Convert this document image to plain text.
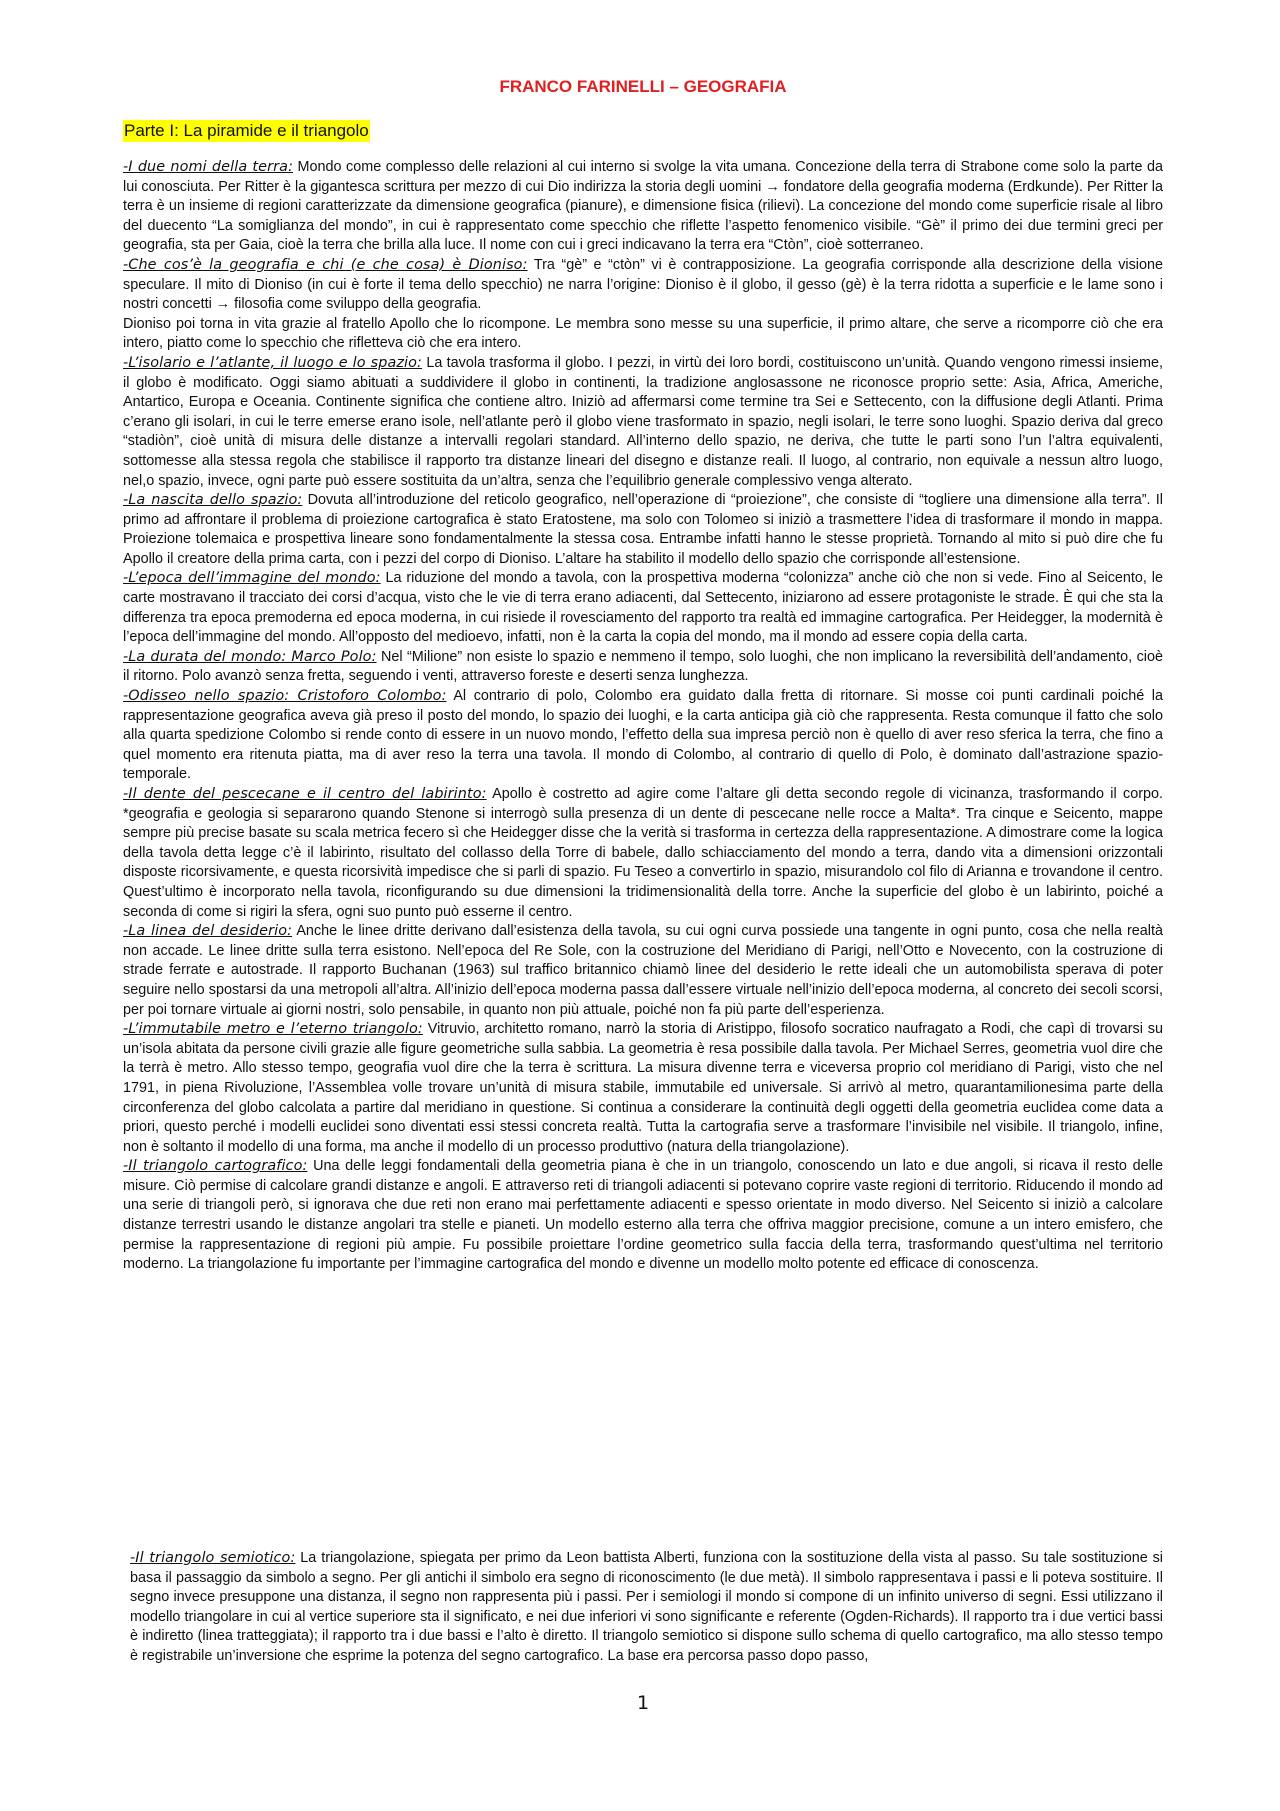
FRANCO FARINELLI – GEOGRAFIA
Parte I: La piramide e il triangolo

-I due nomi della terra: Mondo come complesso delle relazioni al cui interno si svolge la vita umana. Concezione della terra di Strabone come solo la parte da lui conosciuta. Per Ritter è la gigantesca scrittura per mezzo di cui Dio indirizza la storia degli uomini → fondatore della geografia moderna (Erdkunde). Per Ritter la terra è un insieme di regioni caratterizzate da dimensione geografica (pianure), e dimensione fisica (rilievi). La concezione del mondo come superficie risale al libro del duecento “La somiglianza del mondo”, in cui è rappresentato come specchio che riflette l’aspetto fenomenico visibile. “Gè” il primo dei due termini greci per geografia, sta per Gaia, cioè la terra che brilla alla luce. Il nome con cui i greci indicavano la terra era “Ctòn”, cioè sotterraneo.

-Che cos’è la geografia e chi (e che cosa) è Dioniso: Tra “gè” e “ctòn” vi è contrapposizione. La geografia corrisponde alla descrizione della visione speculare. Il mito di Dioniso (in cui è forte il tema dello specchio) ne narra l’origine: Dioniso è il globo, il gesso (gè) è la terra ridotta a superficie e le lame sono i nostri concetti → filosofia come sviluppo della geografia.

Dioniso poi torna in vita grazie al fratello Apollo che lo ricompone. Le membra sono messe su una superficie, il primo altare, che serve a ricomporre ciò che era intero, piatto come lo specchio che rifletteva ciò che era intero.

-L’isolario e l’atlante, il luogo e lo spazio: La tavola trasforma il globo. I pezzi, in virtù dei loro bordi, costituiscono un’unità. Quando vengono rimessi insieme, il globo è modificato. Oggi siamo abituati a suddividere il globo in continenti, la tradizione anglosassone ne riconosce proprio sette: Asia, Africa, Americhe, Antartico, Europa e Oceania. Continente significa che contiene altro. Iniziò ad affermarsi come termine tra Sei e Settecento, con la diffusione degli Atlanti. Prima c’erano gli isolari, in cui le terre emerse erano isole, nell’atlante però il globo viene trasformato in spazio, negli isolari, le terre sono luoghi. Spazio deriva dal greco “stadiòn”, cioè unità di misura delle distanze a intervalli regolari standard. All’interno dello spazio, ne deriva, che tutte le parti sono l’un l’altra equivalenti, sottomesse alla stessa regola che stabilisce il rapporto tra distanze lineari del disegno e distanze reali. Il luogo, al contrario, non equivale a nessun altro luogo, nel,o spazio, invece, ogni parte può essere sostituita da un’altra, senza che l’equilibrio generale complessivo venga alterato.

-La nascita dello spazio: Dovuta all’introduzione del reticolo geografico, nell’operazione di “proiezione”, che consiste di “togliere una dimensione alla terra”. Il primo ad affrontare il problema di proiezione cartografica è stato Eratostene, ma solo con Tolomeo si iniziò a trasmettere l’idea di trasformare il mondo in mappa. Proiezione tolemaica e prospettiva lineare sono fondamentalmente la stessa cosa. Entrambe infatti hanno le stesse proprietà. Tornando al mito si può dire che fu Apollo il creatore della prima carta, con i pezzi del corpo di Dioniso. L’altare ha stabilito il modello dello spazio che corrisponde all’estensione.

-L’epoca dell’immagine del mondo: La riduzione del mondo a tavola, con la prospettiva moderna “colonizza” anche ciò che non si vede. Fino al Seicento, le carte mostravano il tracciato dei corsi d’acqua, visto che le vie di terra erano adiacenti, dal Settecento, iniziarono ad essere protagoniste le strade. È qui che sta la differenza tra epoca premoderna ed epoca moderna, in cui risiede il rovesciamento del rapporto tra realtà ed immagine cartografica. Per Heidegger, la modernità è l’epoca dell’immagine del mondo. All’opposto del medioevo, infatti, non è la carta la copia del mondo, ma il mondo ad essere copia della carta.

-La durata del mondo: Marco Polo: Nel “Milione” non esiste lo spazio e nemmeno il tempo, solo luoghi, che non implicano la reversibilità dell’andamento, cioè il ritorno. Polo avanzò senza fretta, seguendo i venti, attraverso foreste e deserti senza lunghezza.

-Odisseo nello spazio: Cristoforo Colombo: Al contrario di polo, Colombo era guidato dalla fretta di ritornare. Si mosse coi punti cardinali poiché la rappresentazione geografica aveva già preso il posto del mondo, lo spazio dei luoghi, e la carta anticipa già ciò che rappresenta. Resta comunque il fatto che solo alla quarta spedizione Colombo si rende conto di essere in un nuovo mondo, l’effetto della sua impresa perciò non è quello di aver reso sferica la terra, che fino a quel momento era ritenuta piatta, ma di aver reso la terra una tavola. Il mondo di Colombo, al contrario di quello di Polo, è dominato dall’astrazione spazio-temporale.

-Il dente del pescecane e il centro del labirinto: Apollo è costretto ad agire come l’altare gli detta secondo regole di vicinanza, trasformando il corpo. *geografia e geologia si separarono quando Stenone si interrogò sulla presenza di un dente di pescecane nelle rocce a Malta*. Tra cinque e Seicento, mappe sempre più precise basate su scala metrica fecero sì che Heidegger disse che la verità si trasforma in certezza della rappresentazione. A dimostrare come la logica della tavola detta legge c’è il labirinto, risultato del collasso della Torre di babele, dallo schiacciamento del mondo a terra, dando vita a dimensioni orizzontali disposte ricorsivamente, e questa ricorsività impedisce che si parli di spazio. Fu Teseo a convertirlo in spazio, misurandolo col filo di Arianna e trovandone il centro. Quest’ultimo è incorporato nella tavola, riconfigurando su due dimensioni la tridimensionalità della torre. Anche la superficie del globo è un labirinto, poiché a seconda di come si rigiri la sfera, ogni suo punto può esserne il centro.

-La linea del desiderio: Anche le linee dritte derivano dall’esistenza della tavola, su cui ogni curva possiede una tangente in ogni punto, cosa che nella realtà non accade. Le linee dritte sulla terra esistono. Nell’epoca del Re Sole, con la costruzione del Meridiano di Parigi, nell’Otto e Novecento, con la costruzione di strade ferrate e autostrade. Il rapporto Buchanan (1963) sul traffico britannico chiamò linee del desiderio le rette ideali che un automobilista sperava di poter seguire nello spostarsi da una metropoli all’altra. All’inizio dell’epoca moderna passa dall’essere virtuale nell’inizio dell’epoca moderna, al concreto dei secoli scorsi, per poi tornare virtuale ai giorni nostri, solo pensabile, in quanto non più attuale, poiché non fa più parte dell’esperienza.

-L’immutabile metro e l’eterno triangolo: Vitruvio, architetto romano, narrò la storia di Aristippo, filosofo socratico naufragato a Rodi, che capì di trovarsi su un’isola abitata da persone civili grazie alle figure geometriche sulla sabbia. La geometria è resa possibile dalla tavola. Per Michael Serres, geometria vuol dire che la terrà è metro. Allo stesso tempo, geografia vuol dire che la terra è scrittura. La misura divenne terra e viceversa proprio col meridiano di Parigi, visto che nel 1791, in piena Rivoluzione, l’Assemblea volle trovare un’unità di misura stabile, immutabile ed universale. Si arrivò al metro, quarantamilionesima parte della circonferenza del globo calcolata a partire dal meridiano in questione. Si continua a considerare la continuità degli oggetti della geometria euclidea come data a priori, questo perché i modelli euclidei sono diventati essi stessi concreta realtà. Tutta la cartografia serve a trasformare l’invisibile nel visibile. Il triangolo, infine, non è soltanto il modello di una forma, ma anche il modello di un processo produttivo (natura della triangolazione).

-Il triangolo cartografico: Una delle leggi fondamentali della geometria piana è che in un triangolo, conoscendo un lato e due angoli, si ricava il resto delle misure. Ciò permise di calcolare grandi distanze e angoli. E attraverso reti di triangoli adiacenti si potevano coprire vaste regioni di territorio. Riducendo il mondo ad una serie di triangoli però, si ignorava che due reti non erano mai perfettamente adiacenti e spesso orientate in modo diverso. Nel Seicento si iniziò a calcolare distanze terrestri usando le distanze angolari tra stelle e pianeti. Un modello esterno alla terra che offriva maggior precisione, comune a un intero emisfero, che permise la rappresentazione di regioni più ampie. Fu possibile proiettare l’ordine geometrico sulla faccia della terra, trasformando quest’ultima nel territorio moderno. La triangolazione fu importante per l’immagine cartografica del mondo e divenne un modello molto potente ed efficace di conoscenza.

-Il triangolo semiotico: La triangolazione, spiegata per primo da Leon battista Alberti, funziona con la sostituzione della vista al passo. Su tale sostituzione si basa il passaggio da simbolo a segno. Per gli antichi il simbolo era segno di riconoscimento (le due metà). Il simbolo rappresentava i passi e li poteva sostituire. Il segno invece presuppone una distanza, il segno non rappresenta più i passi. Per i semiologi il mondo si compone di un infinito universo di segni. Essi utilizzano il modello triangolare in cui al vertice superiore sta il significato, e nei due inferiori vi sono significante e referente (Ogden-Richards). Il rapporto tra i due vertici bassi è indiretto (linea tratteggiata); il rapporto tra i due bassi e l’alto è diretto. Il triangolo semiotico si dispone sullo schema di quello cartografico, ma allo stesso tempo è registrabile un’inversione che esprime la potenza del segno cartografico. La base era percorsa passo dopo passo,

1
